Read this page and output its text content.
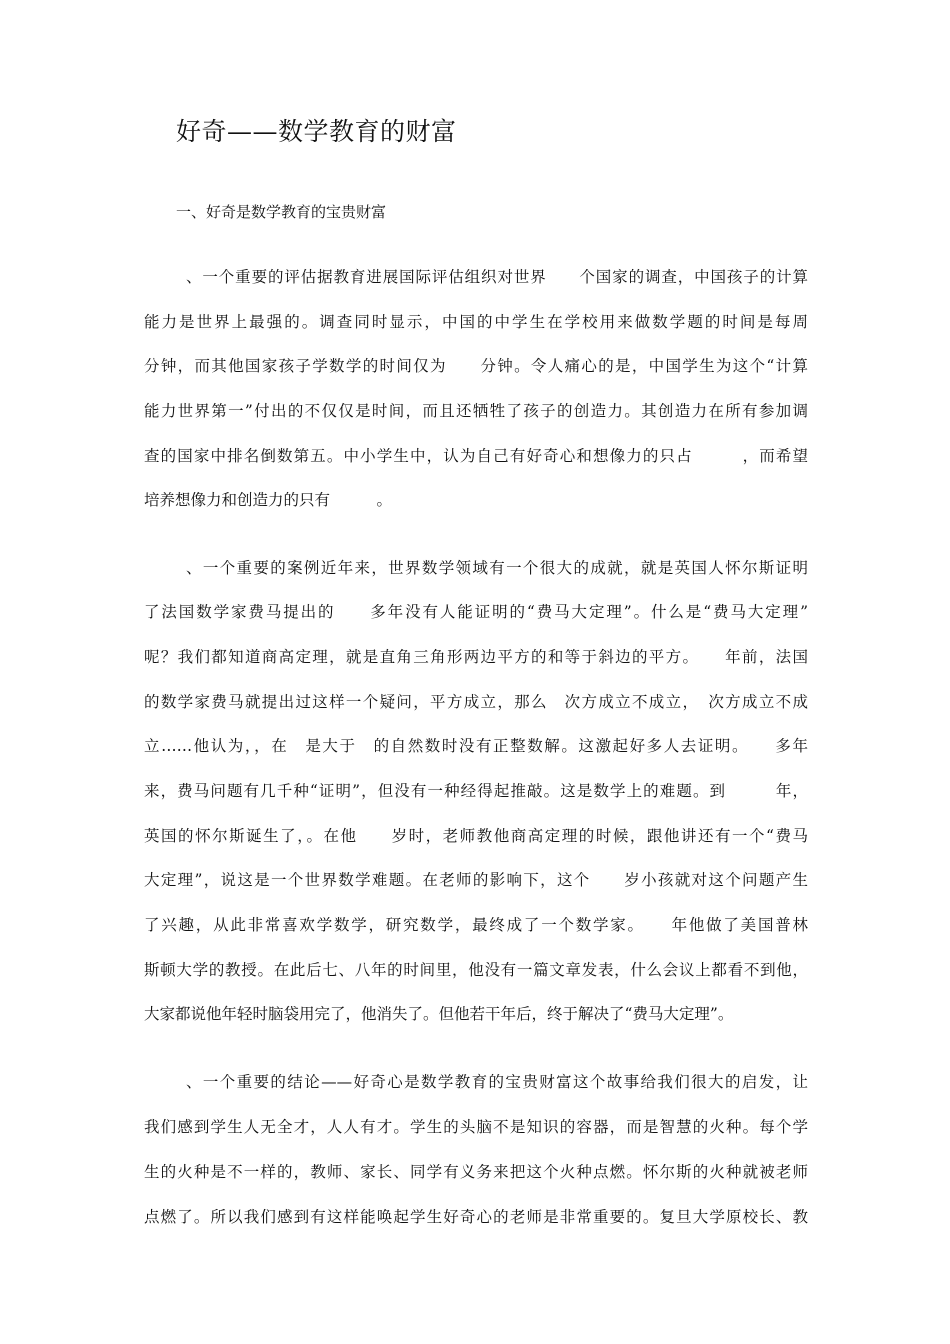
好奇——数学教育的财富
一、好奇是数学教育的宝贵财富
、一个重要的评估据教育进展国际评估组织对世界　　个国家的调查，中国孩子的计算
能力是世界上最强的。调查同时显示，中国的中学生在学校用来做数学题的时间是每周
分钟，而其他国家孩子学数学的时间仅为　　分钟。令人痛心的是，中国学生为这个“计算
能力世界第一”付出的不仅仅是时间，而且还牺牲了孩子的创造力。其创造力在所有参加调
查的国家中排名倒数第五。中小学生中，认为自己有好奇心和想像力的只占　　　，而希望
培养想像力和创造力的只有　　　。
、一个重要的案例近年来，世界数学领域有一个很大的成就，就是英国人怀尔斯证明
了法国数学家费马提出的　　多年没有人能证明的“费马大定理”。什么是“费马大定理”
呢？我们都知道商高定理，就是直角三角形两边平方的和等于斜边的平方。　　年前，法国
的数学家费马就提出过这样一个疑问，平方成立，那么　次方成立不成立，　次方成立不成
立……他认为，，在　是大于　的自然数时没有正整数解。这激起好多人去证明。　　多年
来，费马问题有几千种“证明”，但没有一种经得起推敲。这是数学上的难题。到　　　年，
英国的怀尔斯诞生了，。在他　　岁时，老师教他商高定理的时候，跟他讲还有一个“费马
大定理”，说这是一个世界数学难题。在老师的影响下，这个　　岁小孩就对这个问题产生
了兴趣，从此非常喜欢学数学，研究数学，最终成了一个数学家。　　年他做了美国普林
斯顿大学的教授。在此后七、八年的时间里，他没有一篇文章发表，什么会议上都看不到他，
大家都说他年轻时脑袋用完了，他消失了。但他若干年后，终于解决了“费马大定理”。
、一个重要的结论——好奇心是数学教育的宝贵财富这个故事给我们很大的启发，让
我们感到学生人无全才，人人有才。学生的头脑不是知识的容器，而是智慧的火种。每个学
生的火种是不一样的，教师、家长、同学有义务来把这个火种点燃。怀尔斯的火种就被老师
点燃了。所以我们感到有这样能唤起学生好奇心的老师是非常重要的。复旦大学原校长、教
